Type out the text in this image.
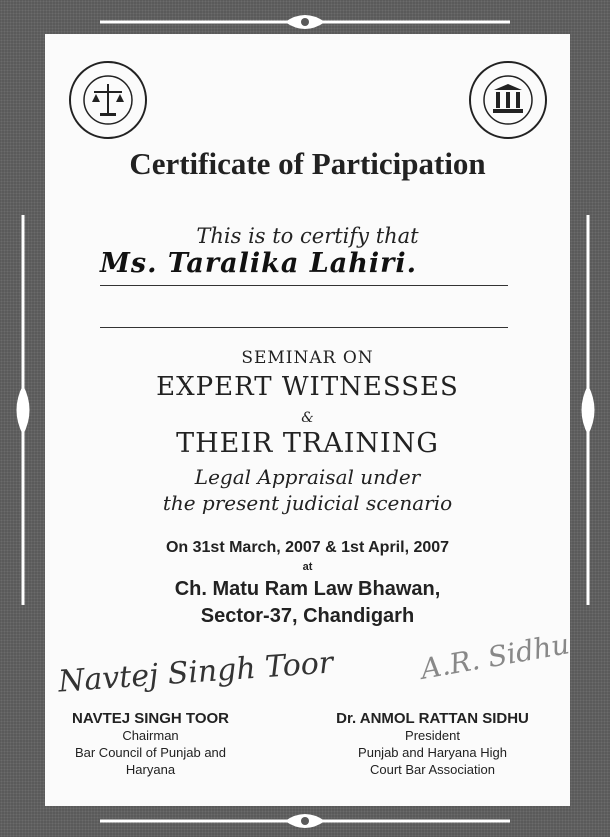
Certificate of Participation
This is to certify that
Ms. Taralika Lahiri.
SEMINAR ON
EXPERT WITNESSES
&
THEIR TRAINING
Legal Appraisal under
the present judicial scenario
On 31st March, 2007 & 1st April, 2007
at
Ch. Matu Ram Law Bhawan,
Sector-37, Chandigarh
Navtej Singh Toor	A.R. Sidhu
NAVTEJ SINGH TOOR
Chairman
Bar Council of Punjab and
Haryana
Dr. ANMOL RATTAN SIDHU
President
Punjab and Haryana High
Court Bar Association
